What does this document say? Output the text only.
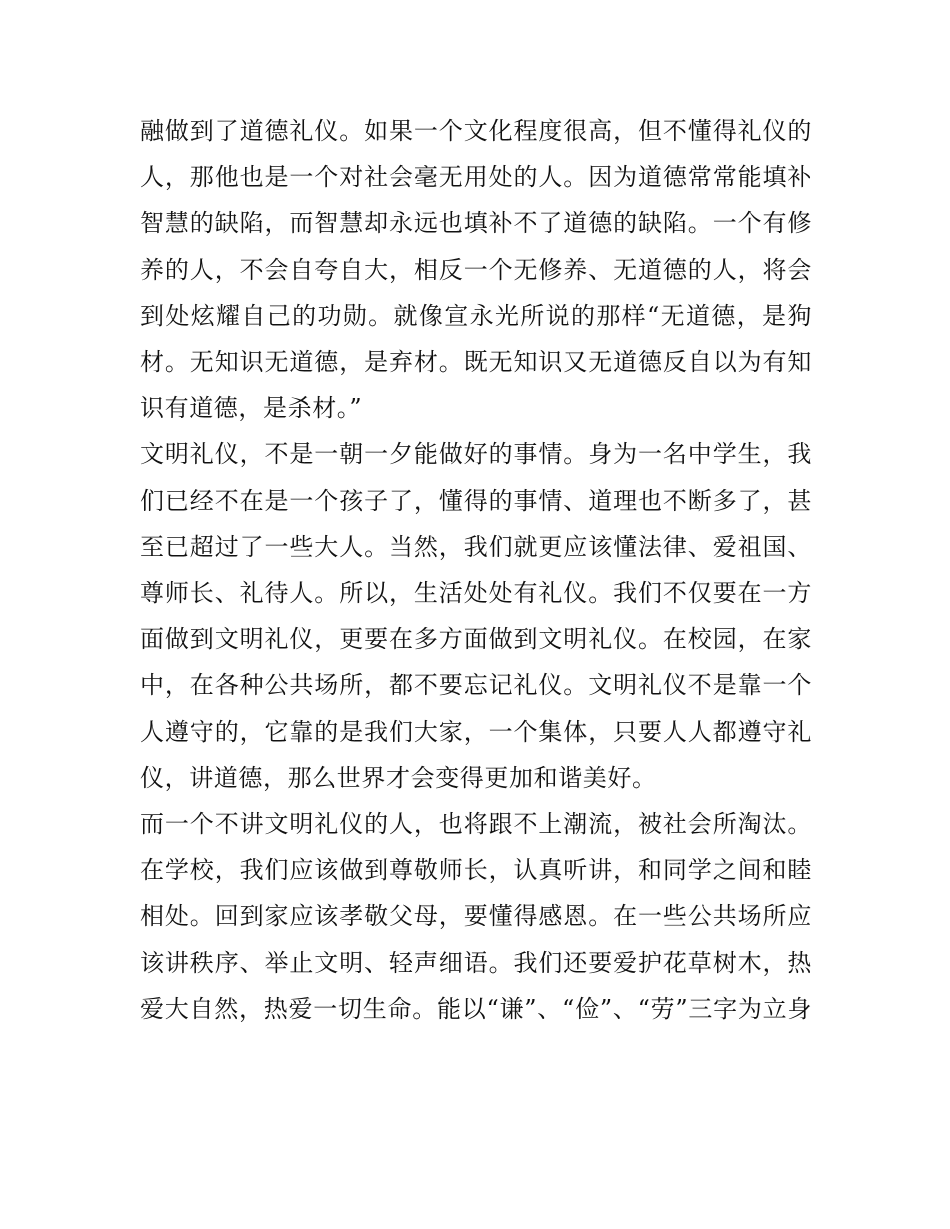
融做到了道德礼仪。如果一个文化程度很高，但不懂得礼仪的
人，那他也是一个对社会毫无用处的人。因为道德常常能填补
智慧的缺陷，而智慧却永远也填补不了道德的缺陷。一个有修
养的人，不会自夸自大，相反一个无修养、无道德的人，将会
到处炫耀自己的功勋。就像宣永光所说的那样“无道德，是狗
材。无知识无道德，是弃材。既无知识又无道德反自以为有知
识有道德，是杀材。”
文明礼仪，不是一朝一夕能做好的事情。身为一名中学生，我
们已经不在是一个孩子了，懂得的事情、道理也不断多了，甚
至已超过了一些大人。当然，我们就更应该懂法律、爱祖国、
尊师长、礼待人。所以，生活处处有礼仪。我们不仅要在一方
面做到文明礼仪，更要在多方面做到文明礼仪。在校园，在家
中，在各种公共场所，都不要忘记礼仪。文明礼仪不是靠一个
人遵守的，它靠的是我们大家，一个集体，只要人人都遵守礼
仪，讲道德，那么世界才会变得更加和谐美好。
而一个不讲文明礼仪的人，也将跟不上潮流，被社会所淘汰。
在学校，我们应该做到尊敬师长，认真听讲，和同学之间和睦
相处。回到家应该孝敬父母，要懂得感恩。在一些公共场所应
该讲秩序、举止文明、轻声细语。我们还要爱护花草树木，热
爱大自然，热爱一切生命。能以“谦”、“俭”、“劳”三字为立身
